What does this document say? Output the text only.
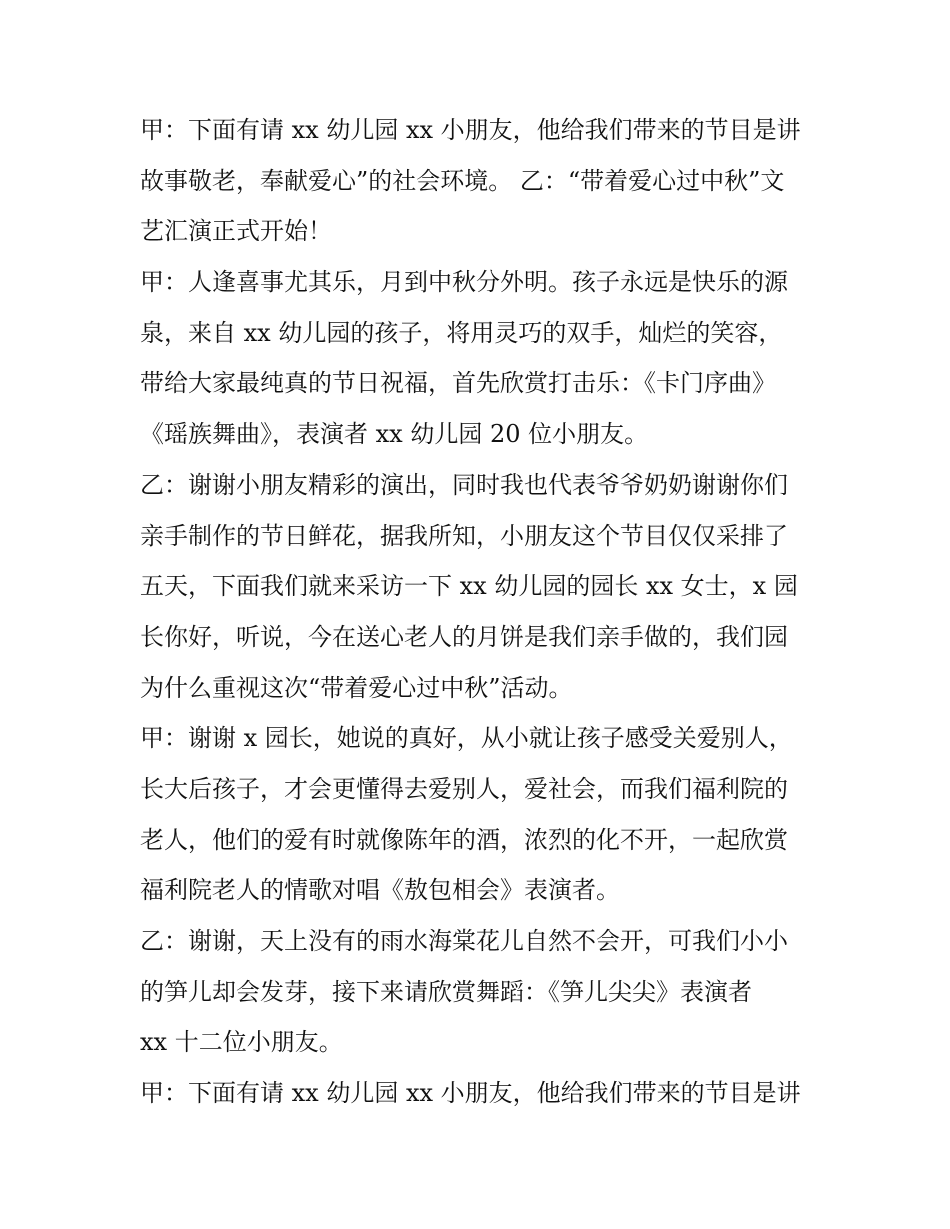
甲：下面有请 xx 幼儿园 xx 小朋友，他给我们带来的节目是讲
故事敬老，奉献爱心”的社会环境。 乙：“带着爱心过中秋”文
艺汇演正式开始！

甲：人逢喜事尤其乐，月到中秋分外明。孩子永远是快乐的源
泉，来自 xx 幼儿园的孩子，将用灵巧的双手，灿烂的笑容，
带给大家最纯真的节日祝福，首先欣赏打击乐：《卡门序曲》
《瑶族舞曲》，表演者 xx 幼儿园 20 位小朋友。

乙：谢谢小朋友精彩的演出，同时我也代表爷爷奶奶谢谢你们
亲手制作的节日鲜花，据我所知，小朋友这个节目仅仅采排了
五天，下面我们就来采访一下 xx 幼儿园的园长 xx 女士，x 园
长你好，听说，今在送心老人的月饼是我们亲手做的，我们园
为什么重视这次“带着爱心过中秋”活动。

甲：谢谢 x 园长，她说的真好，从小就让孩子感受关爱别人，
长大后孩子，才会更懂得去爱别人，爱社会，而我们福利院的
老人，他们的爱有时就像陈年的酒，浓烈的化不开，一起欣赏
福利院老人的情歌对唱《敖包相会》表演者。

乙：谢谢，天上没有的雨水海棠花儿自然不会开，可我们小小
的笋儿却会发芽，接下来请欣赏舞蹈：《笋儿尖尖》表演者
xx 十二位小朋友。

甲：下面有请 xx 幼儿园 xx 小朋友，他给我们带来的节目是讲
